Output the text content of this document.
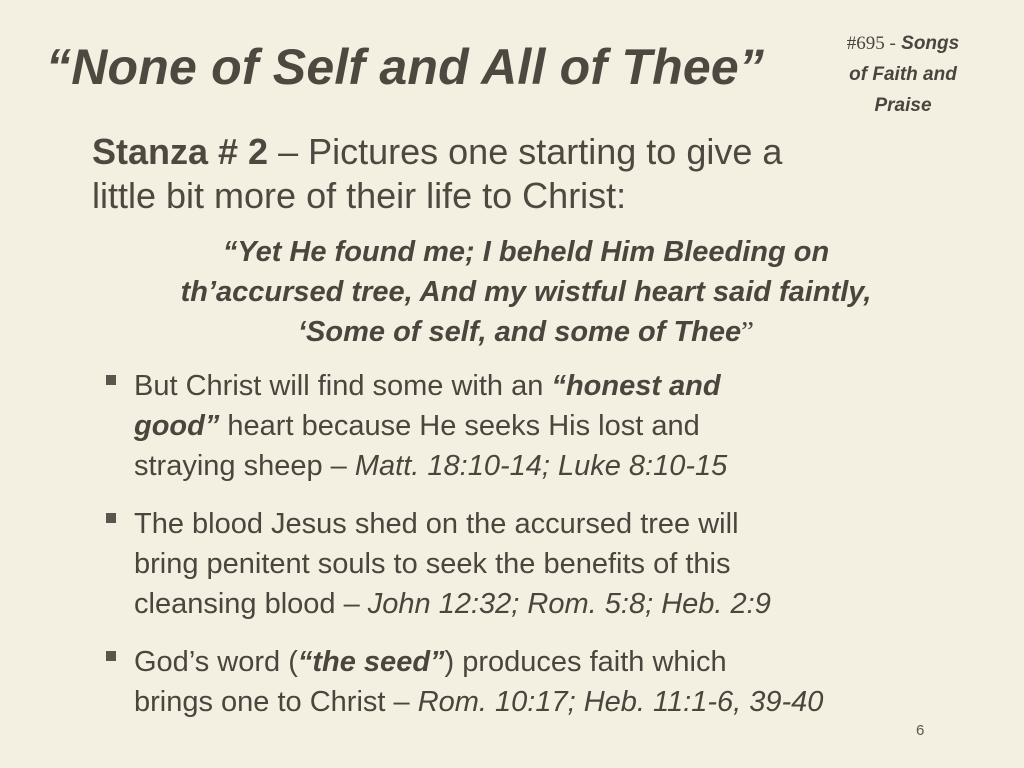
“None of Self and All of Thee”	#695 - Songs
of Faith and
Praise
Stanza # 2 – Pictures one starting to give a
little bit more of their life to Christ:
“Yet He found me; I beheld Him Bleeding on
th’accursed tree, And my wistful heart said faintly,
‘Some of self, and some of Thee”
But Christ will find some with an “honest and
good” heart because He seeks His lost and
straying sheep – Matt. 18:10-14; Luke 8:10-15
The blood Jesus shed on the accursed tree will
bring penitent souls to seek the benefits of this
cleansing blood – John 12:32; Rom. 5:8; Heb. 2:9
God’s word (“the seed”) produces faith which
brings one to Christ – Rom. 10:17; Heb. 11:1-6, 39-40
6
